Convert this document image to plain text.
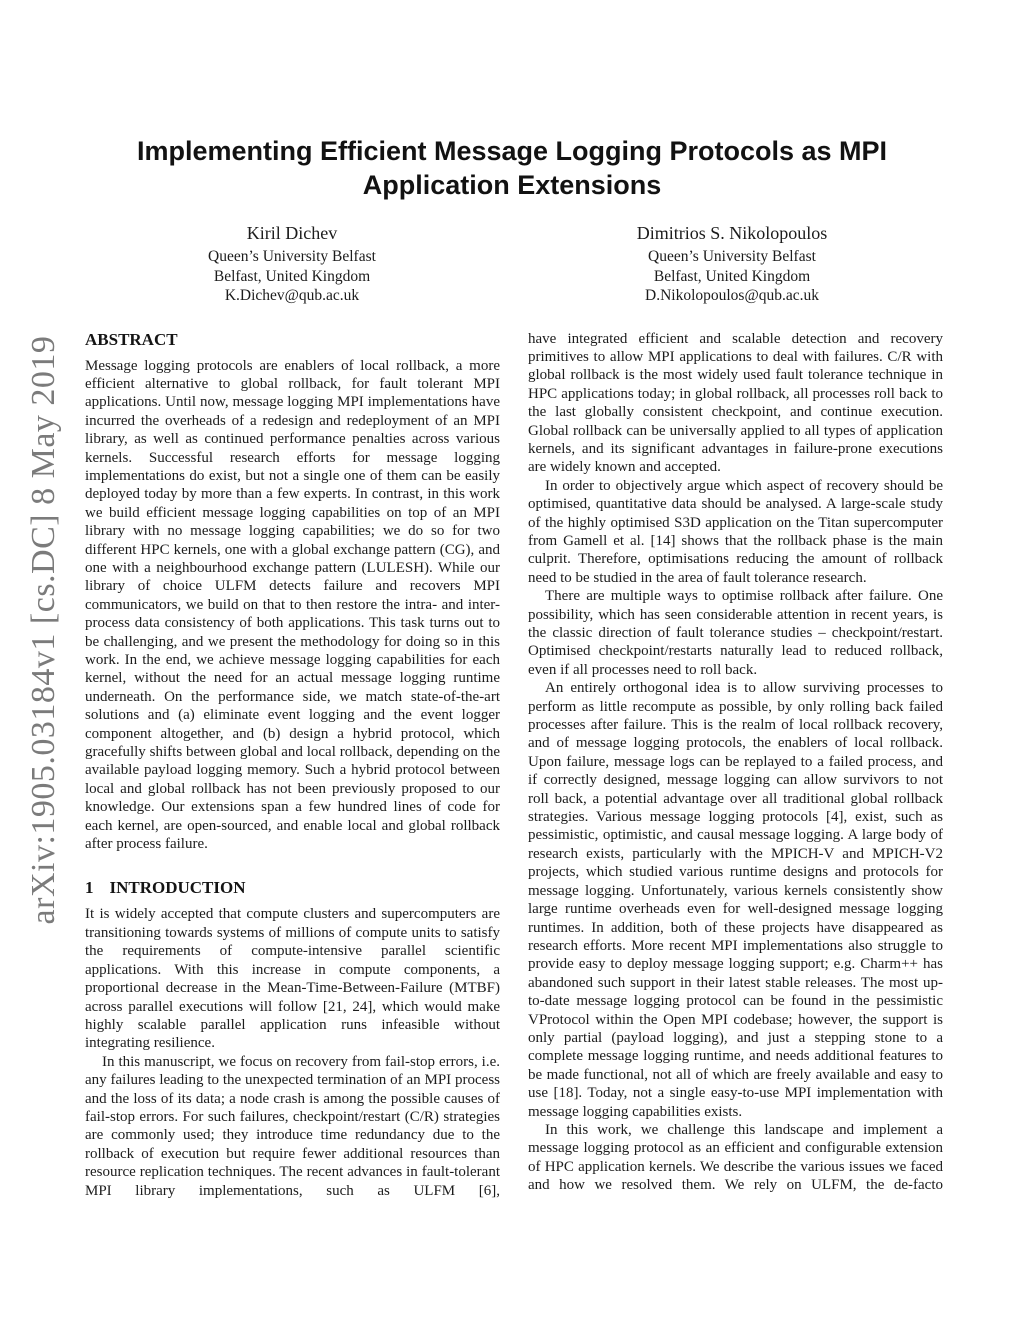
arXiv:1905.03184v1 [cs.DC] 8 May 2019
Implementing Efficient Message Logging Protocols as MPI Application Extensions
Kiril Dichev
Queen’s University Belfast
Belfast, United Kingdom
K.Dichev@qub.ac.uk
Dimitrios S. Nikolopoulos
Queen’s University Belfast
Belfast, United Kingdom
D.Nikolopoulos@qub.ac.uk
ABSTRACT

Message logging protocols are enablers of local rollback, a more efficient alternative to global rollback, for fault tolerant MPI applications. Until now, message logging MPI implementations have incurred the overheads of a redesign and redeployment of an MPI library, as well as continued performance penalties across various kernels. Successful research efforts for message logging implementations do exist, but not a single one of them can be easily deployed today by more than a few experts. In contrast, in this work we build efficient message logging capabilities on top of an MPI library with no message logging capabilities; we do so for two different HPC kernels, one with a global exchange pattern (CG), and one with a neighbourhood exchange pattern (LULESH). While our library of choice ULFM detects failure and recovers MPI communicators, we build on that to then restore the intra- and inter-process data consistency of both applications. This task turns out to be challenging, and we present the methodology for doing so in this work. In the end, we achieve message logging capabilities for each kernel, without the need for an actual message logging runtime underneath. On the performance side, we match state-of-the-art solutions and (a) eliminate event logging and the event logger component altogether, and (b) design a hybrid protocol, which gracefully shifts between global and local rollback, depending on the available payload logging memory. Such a hybrid protocol between local and global rollback has not been previously proposed to our knowledge. Our extensions span a few hundred lines of code for each kernel, are open-sourced, and enable local and global rollback after process failure.

1 INTRODUCTION

It is widely accepted that compute clusters and supercomputers are transitioning towards systems of millions of compute units to satisfy the requirements of compute-intensive parallel scientific applications. With this increase in compute components, a proportional decrease in the Mean-Time-Between-Failure (MTBF) across parallel executions will follow [21, 24], which would make highly scalable parallel application runs infeasible without integrating resilience.

In this manuscript, we focus on recovery from fail-stop errors, i.e. any failures leading to the unexpected termination of an MPI process and the loss of its data; a node crash is among the possible causes of fail-stop errors. For such failures, checkpoint/restart (C/R) strategies are commonly used; they introduce time redundancy due to the rollback of execution but require fewer additional resources than resource replication techniques. The recent advances in fault-tolerant MPI library implementations, such as ULFM [6],

have integrated efficient and scalable detection and recovery primitives to allow MPI applications to deal with failures. C/R with global rollback is the most widely used fault tolerance technique in HPC applications today; in global rollback, all processes roll back to the last globally consistent checkpoint, and continue execution. Global rollback can be universally applied to all types of application kernels, and its significant advantages in failure-prone executions are widely known and accepted.

In order to objectively argue which aspect of recovery should be optimised, quantitative data should be analysed. A large-scale study of the highly optimised S3D application on the Titan supercomputer from Gamell et al. [14] shows that the rollback phase is the main culprit. Therefore, optimisations reducing the amount of rollback need to be studied in the area of fault tolerance research.

There are multiple ways to optimise rollback after failure. One possibility, which has seen considerable attention in recent years, is the classic direction of fault tolerance studies – checkpoint/restart. Optimised checkpoint/restarts naturally lead to reduced rollback, even if all processes need to roll back.

An entirely orthogonal idea is to allow surviving processes to perform as little recompute as possible, by only rolling back failed processes after failure. This is the realm of local rollback recovery, and of message logging protocols, the enablers of local rollback. Upon failure, message logs can be replayed to a failed process, and if correctly designed, message logging can allow survivors to not roll back, a potential advantage over all traditional global rollback strategies. Various message logging protocols [4], exist, such as pessimistic, optimistic, and causal message logging. A large body of research exists, particularly with the MPICH-V and MPICH-V2 projects, which studied various runtime designs and protocols for message logging. Unfortunately, various kernels consistently show large runtime overheads even for well-designed message logging runtimes. In addition, both of these projects have disappeared as research efforts. More recent MPI implementations also struggle to provide easy to deploy message logging support; e.g. Charm++ has abandoned such support in their latest stable releases. The most up-to-date message logging protocol can be found in the pessimistic VProtocol within the Open MPI codebase; however, the support is only partial (payload logging), and just a stepping stone to a complete message logging runtime, and needs additional features to be made functional, not all of which are freely available and easy to use [18]. Today, not a single easy-to-use MPI implementation with message logging capabilities exists.

In this work, we challenge this landscape and implement a message logging protocol as an efficient and configurable extension of HPC application kernels. We describe the various issues we faced and how we resolved them. We rely on ULFM, the de-facto
